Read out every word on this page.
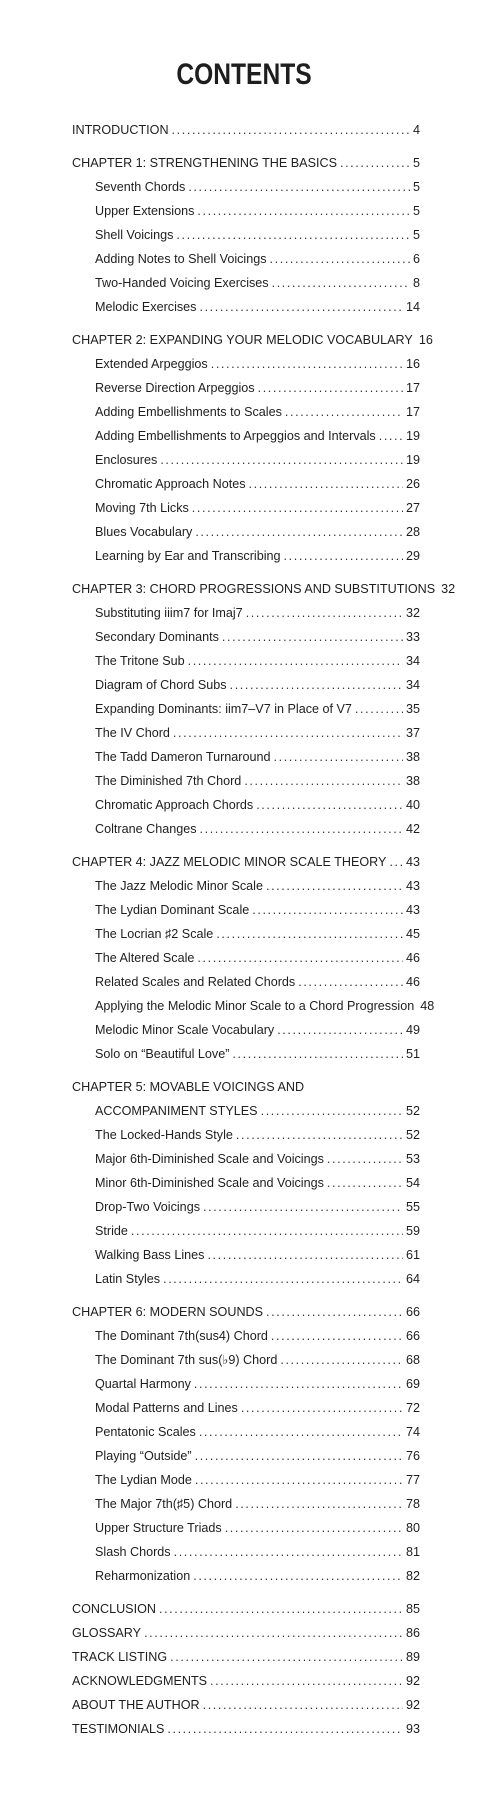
CONTENTS
INTRODUCTION .....	4
CHAPTER 1: STRENGTHENING THE BASICS .....	5
Seventh Chords .....	5
Upper Extensions .....	5
Shell Voicings .....	5
Adding Notes to Shell Voicings .....	6
Two-Handed Voicing Exercises .....	8
Melodic Exercises .....	14
CHAPTER 2: EXPANDING YOUR MELODIC VOCABULARY 16
Extended Arpeggios .....	16
Reverse Direction Arpeggios .....	17
Adding Embellishments to Scales .....	17
Adding Embellishments to Arpeggios and Intervals ..... 19
Enclosures .....	19
Chromatic Approach Notes .....	26
Moving 7th Licks .....	27
Blues Vocabulary .....	28
Learning by Ear and Transcribing .....	29
CHAPTER 3: CHORD PROGRESSIONS AND SUBSTITUTIONS 32
Substituting iiim7 for Imaj7 .....	32
Secondary Dominants .....	33
The Tritone Sub .....	34
Diagram of Chord Subs .....	34
Expanding Dominants: iim7–V7 in Place of V7 .....	35
The IV Chord .....	37
The Tadd Dameron Turnaround .....	38
The Diminished 7th Chord .....	38
Chromatic Approach Chords .....	40
Coltrane Changes .....	42
CHAPTER 4: JAZZ MELODIC MINOR SCALE THEORY ..... 43
The Jazz Melodic Minor Scale .....	43
The Lydian Dominant Scale .....	43
The Locrian ♯2 Scale .....	45
The Altered Scale .....	46
Related Scales and Related Chords .....	46
Applying the Melodic Minor Scale to a Chord Progression 48
Melodic Minor Scale Vocabulary .....	49
Solo on “Beautiful Love” .....	51
CHAPTER 5: MOVABLE VOICINGS AND
ACCOMPANIMENT STYLES .....	52
The Locked-Hands Style .....	52
Major 6th-Diminished Scale and Voicings .....	53
Minor 6th-Diminished Scale and Voicings .....	54
Drop-Two Voicings .....	55
Stride .....	59
Walking Bass Lines .....	61
Latin Styles .....	64
CHAPTER 6: MODERN SOUNDS .....	66
The Dominant 7th(sus4) Chord .....	66
The Dominant 7th sus(♭9) Chord .....	68
Quartal Harmony .....	69
Modal Patterns and Lines .....	72
Pentatonic Scales .....	74
Playing “Outside” .....	76
The Lydian Mode .....	77
The Major 7th(♯5) Chord .....	78
Upper Structure Triads .....	80
Slash Chords .....	81
Reharmonization .....	82
CONCLUSION .....	85
GLOSSARY .....	86
TRACK LISTING .....	89
ACKNOWLEDGMENTS .....	92
ABOUT THE AUTHOR .....	92
TESTIMONIALS .....	93
